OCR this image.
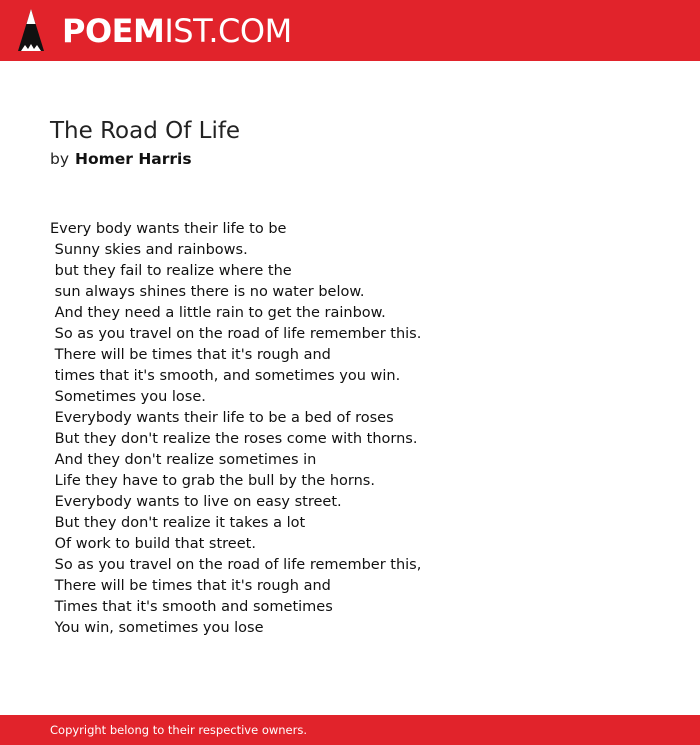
POEMIST.COM
The Road Of Life
by Homer Harris
Every body wants their life to be
Sunny skies and rainbows.
but they fail to realize where the
sun always shines there is no water below.
And they need a little rain to get the rainbow.
So as you travel on the road of life remember this.
There will be times that it's rough and
times that it's smooth, and sometimes you win.
Sometimes you lose.
Everybody wants their life to be a bed of roses
But they don't realize the roses come with thorns.
And they don't realize sometimes in
Life they have to grab the bull by the horns.
Everybody wants to live on easy street.
But they don't realize it takes a lot
Of work to build that street.
So as you travel on the road of life remember this,
There will be times that it's rough and
Times that it's smooth and sometimes
You win, sometimes you lose
Copyright belong to their respective owners.
